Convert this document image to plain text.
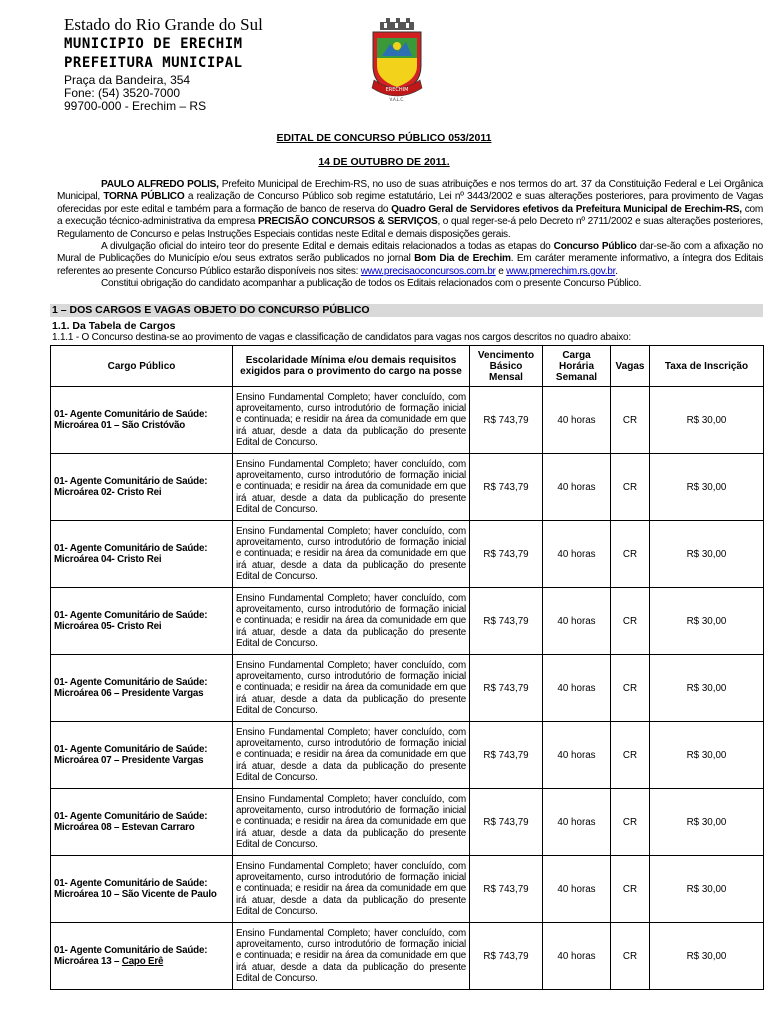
Estado do Rio Grande do Sul
MUNICIPIO DE ERECHIM
PREFEITURA MUNICIPAL
Praça da Bandeira, 354
Fone: (54) 3520-7000
99700-000 - Erechim – RS
ERECHIM
V.A.L.C.
EDITAL DE CONCURSO PÚBLICO 053/2011
14 DE OUTUBRO DE 2011.

PAULO ALFREDO POLIS, Prefeito Municipal de Erechim-RS, no uso de suas atribuições e nos termos do art. 37 da Constituição Federal e Lei Orgânica Municipal, TORNA PÚBLICO a realização de Concurso Público sob regime estatutário, Lei nº 3443/2002 e suas alterações posteriores, para provimento de Vagas oferecidas por este edital e também para a formação de banco de reserva do Quadro Geral de Servidores efetivos da Prefeitura Municipal de Erechim-RS, com a execução técnico-administrativa da empresa PRECISÃO CONCURSOS & SERVIÇOS, o qual reger-se-á pelo Decreto nº 2711/2002 e suas alterações posteriores, Regulamento de Concurso e pelas Instruções Especiais contidas neste Edital e demais disposições gerais.

A divulgação oficial do inteiro teor do presente Edital e demais editais relacionados a todas as etapas do Concurso Público dar-se-ão com a afixação no Mural de Publicações do Município e/ou seus extratos serão publicados no jornal Bom Dia de Erechim. Em caráter meramente informativo, a íntegra dos Editais referentes ao presente Concurso Público estarão disponíveis nos sites: www.precisaoconcursos.com.br e www.pmerechim.rs.gov.br.

Constitui obrigação do candidato acompanhar a publicação de todos os Editais relacionados com o presente Concurso Público.

1 – DOS CARGOS E VAGAS OBJETO DO CONCURSO PÚBLICO
1.1. Da Tabela de Cargos
1.1.1 - O Concurso destina-se ao provimento de vagas e classificação de candidatos para vagas nos cargos descritos no quadro abaixo:
Cargo Público	Escolaridade Mínima e/ou demais requisitos exigidos para o provimento do cargo na posse	Vencimento Básico Mensal	Carga Horária Semanal	Vagas	Taxa de Inscrição
01- Agente Comunitário de Saúde: Microárea 01 – São Cristóvão	Ensino Fundamental Completo; haver concluído, com aproveitamento, curso introdutório de formação inicial e continuada; e residir na área da comunidade em que irá atuar, desde a data da publicação do presente Edital de Concurso.	R$ 743,79	40 horas	CR	R$ 30,00
01- Agente Comunitário de Saúde: Microárea 02- Cristo Rei	Ensino Fundamental Completo; haver concluído, com aproveitamento, curso introdutório de formação inicial e continuada; e residir na área da comunidade em que irá atuar, desde a data da publicação do presente Edital de Concurso.	R$ 743,79	40 horas	CR	R$ 30,00
01- Agente Comunitário de Saúde: Microárea 04- Cristo Rei	Ensino Fundamental Completo; haver concluído, com aproveitamento, curso introdutório de formação inicial e continuada; e residir na área da comunidade em que irá atuar, desde a data da publicação do presente Edital de Concurso.	R$ 743,79	40 horas	CR	R$ 30,00
01- Agente Comunitário de Saúde: Microárea 05- Cristo Rei	Ensino Fundamental Completo; haver concluído, com aproveitamento, curso introdutório de formação inicial e continuada; e residir na área da comunidade em que irá atuar, desde a data da publicação do presente Edital de Concurso.	R$ 743,79	40 horas	CR	R$ 30,00
01- Agente Comunitário de Saúde: Microárea 06 – Presidente Vargas	Ensino Fundamental Completo; haver concluído, com aproveitamento, curso introdutório de formação inicial e continuada; e residir na área da comunidade em que irá atuar, desde a data da publicação do presente Edital de Concurso.	R$ 743,79	40 horas	CR	R$ 30,00
01- Agente Comunitário de Saúde: Microárea 07 – Presidente Vargas	Ensino Fundamental Completo; haver concluído, com aproveitamento, curso introdutório de formação inicial e continuada; e residir na área da comunidade em que irá atuar, desde a data da publicação do presente Edital de Concurso.	R$ 743,79	40 horas	CR	R$ 30,00
01- Agente Comunitário de Saúde: Microárea 08 – Estevan Carraro	Ensino Fundamental Completo; haver concluído, com aproveitamento, curso introdutório de formação inicial e continuada; e residir na área da comunidade em que irá atuar, desde a data da publicação do presente Edital de Concurso.	R$ 743,79	40 horas	CR	R$ 30,00
01- Agente Comunitário de Saúde: Microárea 10 – São Vicente de Paulo	Ensino Fundamental Completo; haver concluído, com aproveitamento, curso introdutório de formação inicial e continuada; e residir na área da comunidade em que irá atuar, desde a data da publicação do presente Edital de Concurso.	R$ 743,79	40 horas	CR	R$ 30,00
01- Agente Comunitário de Saúde: Microárea 13 – Capo Erê	Ensino Fundamental Completo; haver concluído, com aproveitamento, curso introdutório de formação inicial e continuada; e residir na área da comunidade em que irá atuar, desde a data da publicação do presente Edital de Concurso.	R$ 743,79	40 horas	CR	R$ 30,00
